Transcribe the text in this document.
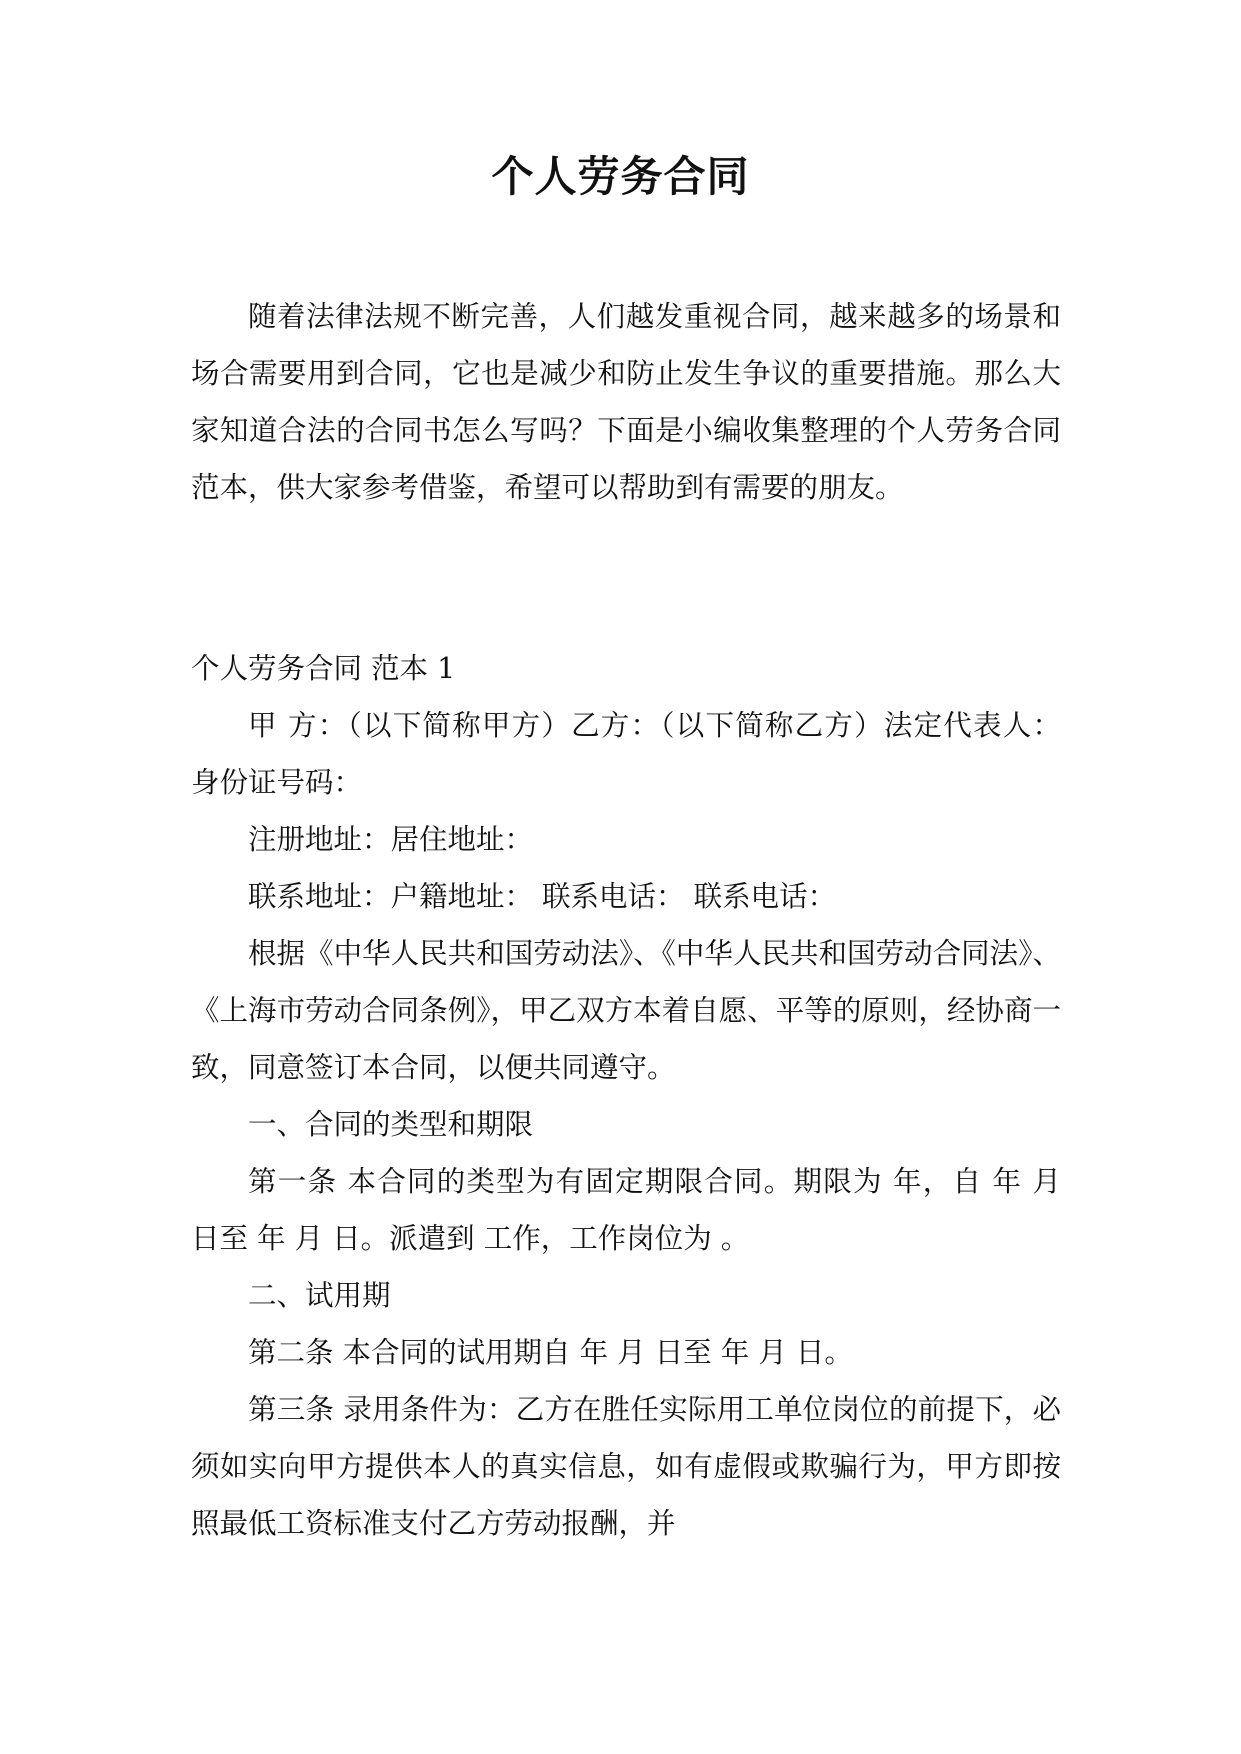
个人劳务合同

随着法律法规不断完善，人们越发重视合同，越来越多的场景和场合需要用到合同，它也是减少和防止发生争议的重要措施。那么大家知道合法的合同书怎么写吗？下面是小编收集整理的个人劳务合同 范本，供大家参考借鉴，希望可以帮助到有需要的朋友。

个人劳务合同 范本 1

甲 方：（以下简称甲方）乙方：（以下简称乙方）法定代表人： 身份证号码：

注册地址：居住地址：

联系地址：户籍地址： 联系电话： 联系电话：

根据《中华人民共和国劳动法》、《中华人民共和国劳动合同法》、《上海市劳动合同条例》，甲乙双方本着自愿、平等的原则，经协商一致，同意签订本合同，以便共同遵守。

一、合同的类型和期限

第一条 本合同的类型为有固定期限合同。期限为 年，自 年 月 日至 年 月 日。派遣到 工作，工作岗位为 。

二、试用期

第二条 本合同的试用期自 年 月 日至 年 月 日。

第三条 录用条件为：乙方在胜任实际用工单位岗位的前提下，必须如实向甲方提供本人的真实信息，如有虚假或欺骗行为，甲方即按照最低工资标准支付乙方劳动报酬，并
